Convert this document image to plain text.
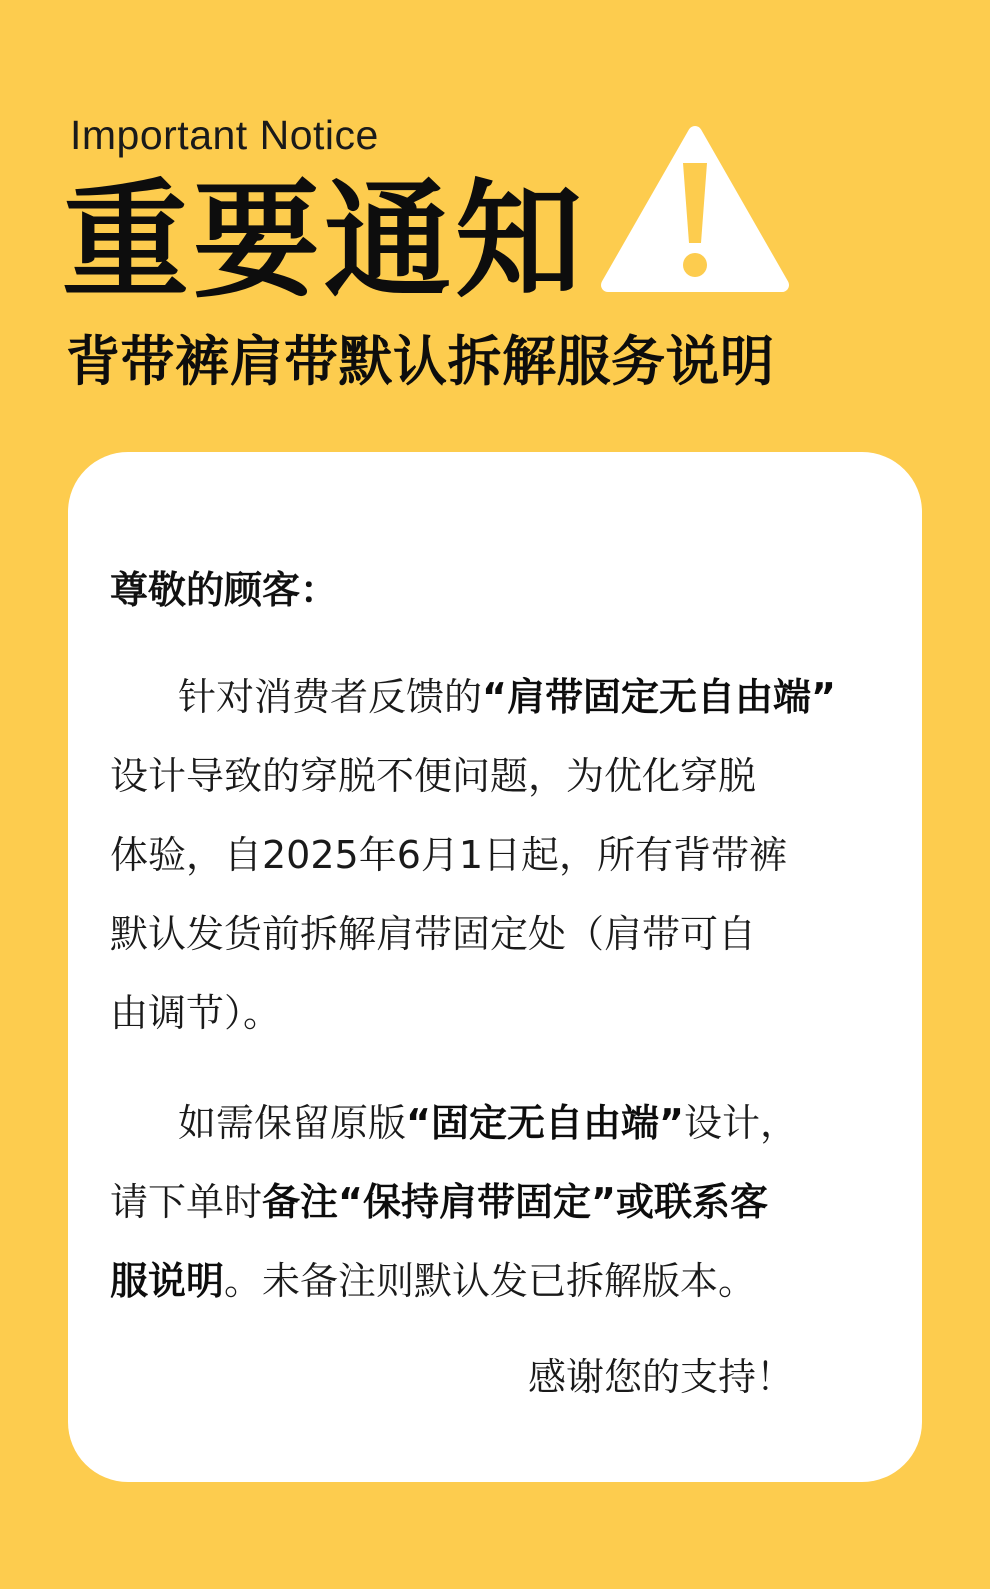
Important Notice
重要通知
背带裤肩带默认拆解服务说明
尊敬的顾客：
针对消费者反馈的“肩带固定无自由端”
设计导致的穿脱不便问题，为优化穿脱
体验，自2025年6月1日起，所有背带裤
默认发货前拆解肩带固定处（肩带可自
由调节）。
如需保留原版“固定无自由端”设计，
请下单时备注“保持肩带固定”或联系客
服说明。未备注则默认发已拆解版本。
感谢您的支持！
